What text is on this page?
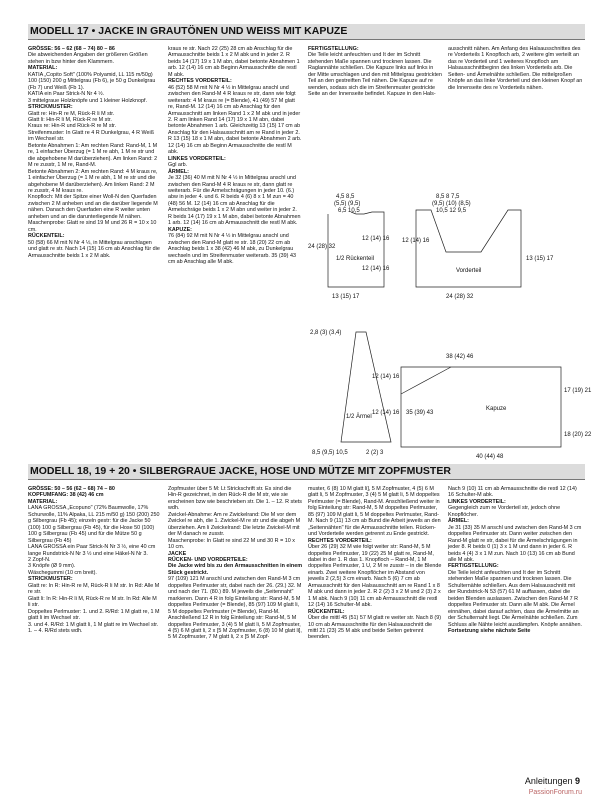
MODELL 17 • JACKE IN GRAUTÖNEN UND WEISS MIT KAPUZE

GRÖSSE: 56 – 62 (68 – 74) 80 – 86

Die abweichenden Angaben der größeren Größen stehen in bzw hinter den Klammern.

MATERIAL:

KATIA „Copito Soft" (100% Polyamid, LL 115 m/50g) 100 (150) 200 g Mittelgrau (Fb 6), je 50 g Dunkelgrau (Fb 7) und Weiß (Fb 1).

KATIA ein Paar Strick-N Nr 4 ½.

3 mittelgraue Holzknöpfe und 1 kleiner Holzknopf.

STRICKMUSTER:

Glatt re: Hin-R re M, Rück-R li M str.

Glatt li: Hin-R li M, Rück-R re M str.

Kraus re: Hin-R und Rück-R re M str.

Streifenmuster: In Glatt re 4 R Dunkelgrau, 4 R Weiß im Wechsel str.

Betonte Abnahmen 1: Am rechten Rand: Rand-M, 1 M re, 1 einfacher Überzug (= 1 M re abh, 1 M re str und die abgehobene M darüberziehen). Am linken Rand: 2 M re zusstr, 1 M re, Rand-M.

Betonte Abnahmen 2: Am rechten Rand: 4 M kraus re, 1 einfacher Überzug (= 1 M re abh, 1 M re str und die abgehobene M darüberziehen). Am linken Rand: 2 M re zusstr, 4 M kraus re.

Knopfloch: Mit der Spitze einer Woll-N den Querfaden zwischen 2 M anheben und an die darüber liegende M nähen. Danach den Querfaden eine R weiter unten anheben und an die darunterliegende M nähen.

Maschenprobe: Glatt re sind 19 M und 26 R = 10 x 10 cm.

RÜCKENTEIL:

50 (58) 66 M mit N Nr 4 ½, in Mittelgrau anschlagen und glatt re str. Nach 14 (15) 16 cm ab Anschlag für die Armausschnitte beids 1 x 2 M abk.

kraus re str. Nach 22 (25) 28 cm ab Anschlag für die Armausschnitte beids 1 x 2 M abk und in jeder 2. R beids 14 (17) 19 x 1 M abn, dabei betonte Abnahmen 1 arb. 12 (14) 16 cm ab Beginn Armausschnitte die restl M abk.

RECHTES VORDERTEIL:

46 (52) 58 M mit N Nr 4 ½ in Mittelgrau anschl und zwischen den Rand-M 4 R kraus re str, dann wie folgt weiterarb: 4 M kraus re (= Blende), 41 (49) 57 M glatt re, Rand-M. 12 (14) 16 cm ab Anschlag für den Armausschnitt am linken Rand 1 x 2 M abk und in jeder 2. R am linken Rand 14 (17) 19 x 1 M abn, dabei betonte Abnahmen 1 arb. Gleichzeitig 13 (15) 17 cm ab Anschlag für den Halsausschnitt am re Rand in jeder 2. R 13 (15) 18 x 1 M abn, dabei betonte Abnahmen 2 arb. 12 (14) 16 cm ab Beginn Armausschnitte die restl M abk.

LINKES VORDERTEIL:

Ggl arb.

ÄRMEL:

Je 32 (36) 40 M mit N Nr 4 ½ in Mittelgrau anschl und zwischen den Rand-M 4 R kraus re str, dann glatt re weiterarb. Für die Armelschrägungen in jeder 10. (6.) abw in jeder 4. und 6. R beids 4 (6) 8 x 1 M zun = 40 (48) 56 M. 12 (14) 16 cm ab Anschlag für die Armelschräge beids 1 x 2 M abn und weiter in jeder 2. R beids 14 (17) 19 x 1 M abn, dabei betonte Abnahmen 1 arb. 12 (14) 16 cm ab Armausschnitt die restl M abk.

KAPUZE:

76 (84) 92 M mit N Nr 4 ½ in Mittelgrau anschl und zwischen den Rand-M glatt re str. 18 (20) 22 cm ab Anschlag beids 1 x 38 (42) 46 M abk, zu Dunkelgrau wechseln und im Streifenmuster weiterarb. 35 (39) 43 cm ab Anschlag alle M abk.

FERTIGSTELLUNG:

Die Teile leicht anfeuchten und It der im Schnitt stehenden Maße spannen und trocknen lassen. Die Raglannähte schließen. Die Kapuze links auf links in der Mitte umschlagen und den mit Mittelgrau gestrickten Teil an den gestreiften Teil nähen. Die Kapuze auf re wenden, sodass sich die im Streifenmuster gestrickte Seite an der Innenseite befindet. Kapuze in den Hals-

ausschnitt nähen. Am Anfang des Halsausschnittes des re Vorderteils 1 Knopfloch arb, 2 weitere glm verteilt an das re Vorderteil und 1 weiteres Knopfloch am Halsausschnittbeginn des linken Vorderteils arb. Die Seiten- und Ärmelnähte schließen. Die mittelgroßen Knöpfe an das linke Vorderteil und den kleinen Knopf an die Innenseite des re Vorderteils nähen.

4,5 8,5
(5,5) (9,5)
6,5 10,5
24 (28) 32
1/2 Rückenteil
12 (14) 16
12 (14) 16
13 (15) 17
8,5 8 7,5
(9,5) (10) (8,5)
10,5 12 9,5
Vorderteil
12 (14) 16
13 (15) 17
24 (28) 32
2,8 (3) (3,4)
1/2 Ärmel
12 (14) 16
12 (14) 16
8,5 (9,5) 10,5	2 (2) 3
38 (42) 46
35 (39) 43
Kapuze
17 (19) 21
18 (20) 22
40 (44) 48
MODELL 18, 19 + 20 • SILBERGRAUE JACKE, HOSE UND MÜTZE MIT ZOPFMUSTER

GRÖSSE: 50 – 56 (62 – 68) 74 – 80

KOPFUMFANG: 38 (42) 46 cm

MATERIAL:

LANA GROSSA „Ecopuno" (72% Baumwolle, 17% Schurwolle, 11% Alpaka, LL 215 m/50 g) 150 (200) 250 g Silbergrau (Fb 45); einzeln gestr: für die Jacke 50 (100) 100 g Silbergrau (Fb 45), für die Hose 50 (100) 100 g Silbergrau (Fb 45) und für die Mütze 50 g Silbergrau (Fb 45)

LANA GROSSA ein Paar Strick-N Nr 3 ½, eine 40 cm lange Rundstrick-N Nr 3 ½ und eine Häkel-N Nr 3.

2 Zopf-N.

3 Knöpfe (Ø 9 mm).

Wäschegummi (10 cm breit).

STRICKMUSTER:

Glatt re: In R: Hin-R re M, Rück-R li M str. In Rd: Alle M re str.

Glatt li: In R: Hin-R li M, Rück-R re M str. In Rd: Alle M li str.

Doppeltes Perlmuster: 1. und 2. R/Rd: 1 M glatt re, 1 M glatt li im Wechsel str.

3. und 4. R/Rd: 1 M glatt li, 1 M glatt re im Wechsel str. 1. – 4. R/Rd stets wdh.

Zopfmuster über 5 M: Lt Strickschrift str. Es sind die Hin-R gezeichnet, in den Rück-R die M str, wie sie erscheinen bzw wie beschrieben str. Die 1. – 12. R stets wdh.

Zwickel-Abnahme: Am re Zwickelrand: Die M vor dem Zwickel re abh, die 1. Zwickel-M re str und die abgeh M überziehen. Am li Zwickelrand: Die letzte Zwickel-M mit der M danach re zusstr.

Maschenprobe: In Glatt re sind 22 M und 30 R = 10 x 10 cm.

JACKE

RÜCKEN- UND VORDERTEILE:

Die Jacke wird bis zu den Armausschnitten in einem Stück gestrickt.

97 (109) 121 M anschl und zwischen den Rand-M 3 cm doppeltes Perlmuster str, dabei nach der 26. (29.) 32. M und nach der 71. (80.) 89. M jeweils die „Seitennaht" markieren. Dann 4 R in folg Einteilung str: Rand-M, 5 M doppeltes Perlmuster (= Blende), 85 (97) 109 M glatt li, 5 M doppeltes Perlmuster (= Blende), Rand-M. Anschließend 12 R in folg Einteilung str: Rand-M, 5 M doppeltes Perlmuster, 3 (4) 5 M glatt li, 5 M Zopfmuster, 4 (5) 6 M glatt li, 2 x [5 M Zopfmuster, 6 (8) 10 M glatt li], 5 M Zopfmuster, 7 M glatt li, 2 x [5 M Zopf-

muster, 6 (8) 10 M glatt li], 5 M Zopfmuster, 4 (5) 6 M glatt li, 5 M Zopfmuster, 3 (4) 5 M glatt li, 5 M doppeltes Perlmuster (= Blende), Rand-M. Anschließend weiter in folg Einteilung str: Rand-M, 5 M doppeltes Perlmuster, 85 (97) 109 M glatt li, 5 M doppeltes Perlmuster, Rand-M. Nach 9 (11) 13 cm ab Bund die Arbeit jeweils an den „Seitennähten" für die Armausschnitte teilen. Rücken- und Vorderteile werden getrennt zu Ende gestrickt.

RECHTES VORDERTEIL:

Über 26 (29) 32 M wie folgt weiter str: Rand-M, 5 M doppeltes Perlmuster, 19 (22) 25 M glatt re, Rand-M, dabei in der 1. R das 1. Knopfloch – Rand-M, 1 M doppeltes Perlmuster, 1 U, 2 M re zusstr – in die Blende einarb. Zwei weitere Knopflöcher im Abstand von jeweils 2 (2,5) 3 cm einarb. Nach 5 (6) 7 cm ab Armausschnitt für den Halsausschnitt am re Rand 1 x 8 M abk und dann in jeder 2. R 2 (2) 3 x 2 M und 2 (3) 2 x 1 M abk. Nach 9 (10) 11 cm ab Armausschnitt die restl 12 (14) 16 Schulter-M abk.

RÜCKENTEIL:

Über die mittl 45 (51) 57 M glatt re weiter str. Nach 8 (9) 10 cm ab Armausschnitte für den Halsausschnitt die mittl 21 (23) 25 M abk und beide Seiten getrennt beenden.

Nach 9 (10) 11 cm ab Armausschnitte die restl 12 (14) 16 Schulter-M abk.

LINKES VORDERTEIL:

Gegengleich zum re Vorderteil str, jedoch ohne Knopflöcher.

ÄRMEL:

Je 31 (33) 35 M anschl und zwischen den Rand-M 3 cm doppeltes Perlmuster str. Dann weiter zwischen den Rand-M glatt re str, dabei für die Ärmelschrägungen in jeder 8. R beids 0 (1) 3 x 1 M und dann in jeder 6. R beids 4 (4) 3 x 1 M zun. Nach 10 (13) 16 cm ab Bund alle M abk.

FERTIGSTELLUNG:

Die Teile leicht anfeuchten und It der im Schnitt stehenden Maße spannen und trocknen lassen. Die Schulternähte schließen. Aus dem Halsausschnitt mit der Rundstrick-N 53 (57) 61 M auffassen, dabei die beiden Blenden auslassen. Zwischen den Rand-M 7 R doppeltes Perlmuster str. Dann alle M abk. Die Ärmel einnähen, dabei darauf achten, dass die Ärmelmitte an der Schulternaht liegt. Die Ärmelnähte schließen. Zum Schluss alle Nähte leicht ausdämpfen. Knöpfe annähen.

Fortsetzung siehe nächste Seite

Anleitungen 9
PassionForum.ru
